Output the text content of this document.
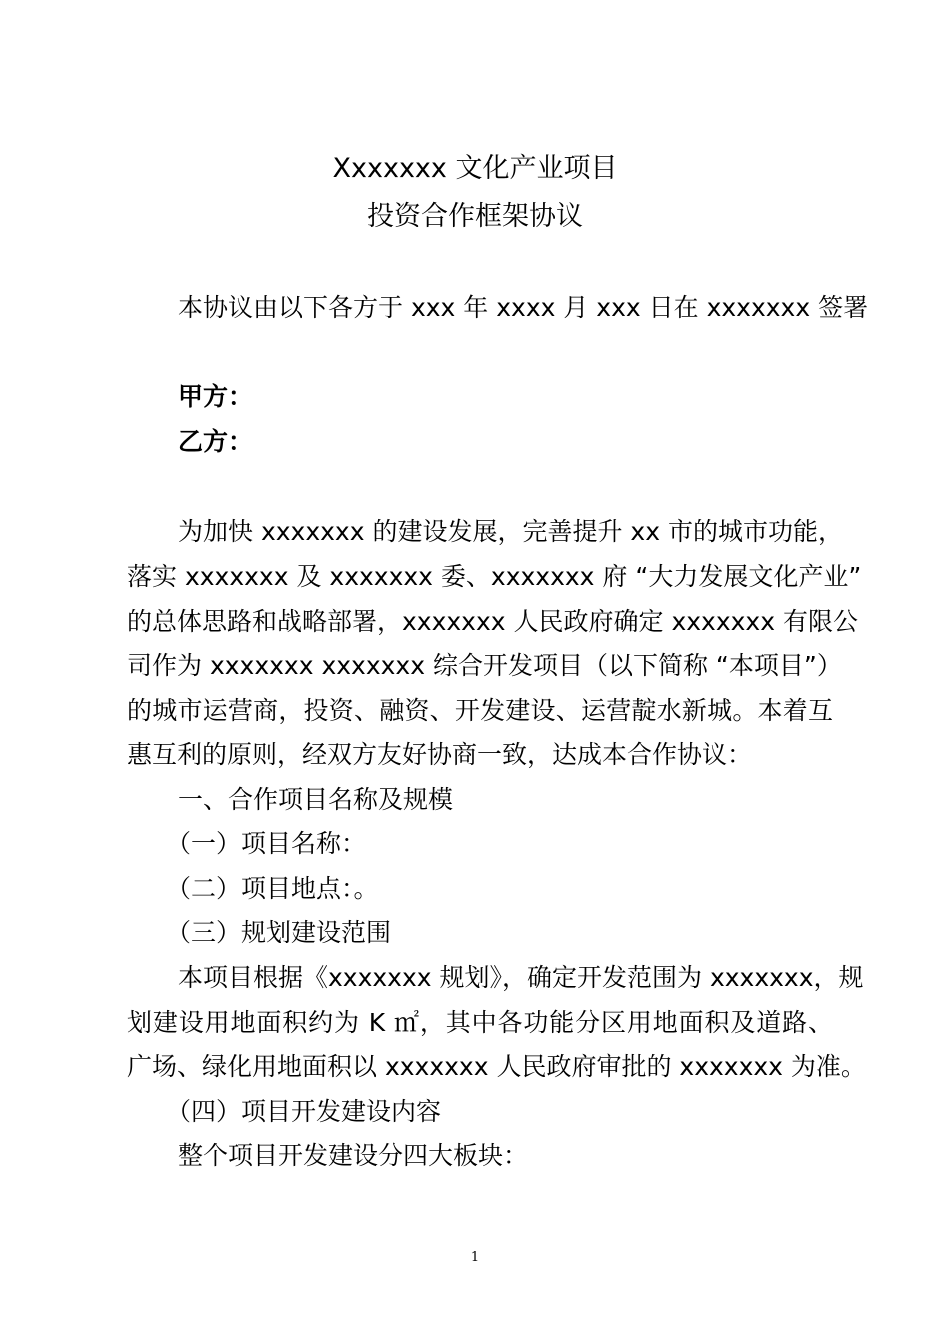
Xxxxxxx 文化产业项目
投资合作框架协议
本协议由以下各方于 xxx 年 xxxx 月 xxx 日在 xxxxxxx 签署
甲方：
乙方：
为加快 xxxxxxx 的建设发展，完善提升 xx 市的城市功能，
落实 xxxxxxx 及 xxxxxxx 委、xxxxxxx 府 “大力发展文化产业”
的总体思路和战略部署，xxxxxxx 人民政府确定 xxxxxxx 有限公
司作为 xxxxxxx xxxxxxx 综合开发项目（以下简称 “本项目”）
的城市运营商，投资、融资、开发建设、运营靛水新城。本着互
惠互利的原则，经双方友好协商一致，达成本合作协议：
一、合作项目名称及规模
（一）项目名称：
（二）项目地点：。
（三）规划建设范围
本项目根据《xxxxxxx 规划》，确定开发范围为 xxxxxxx，规
划建设用地面积约为 K ㎡，其中各功能分区用地面积及道路、
广场、绿化用地面积以 xxxxxxx 人民政府审批的 xxxxxxx 为准。
（四）项目开发建设内容
整个项目开发建设分四大板块：
1
